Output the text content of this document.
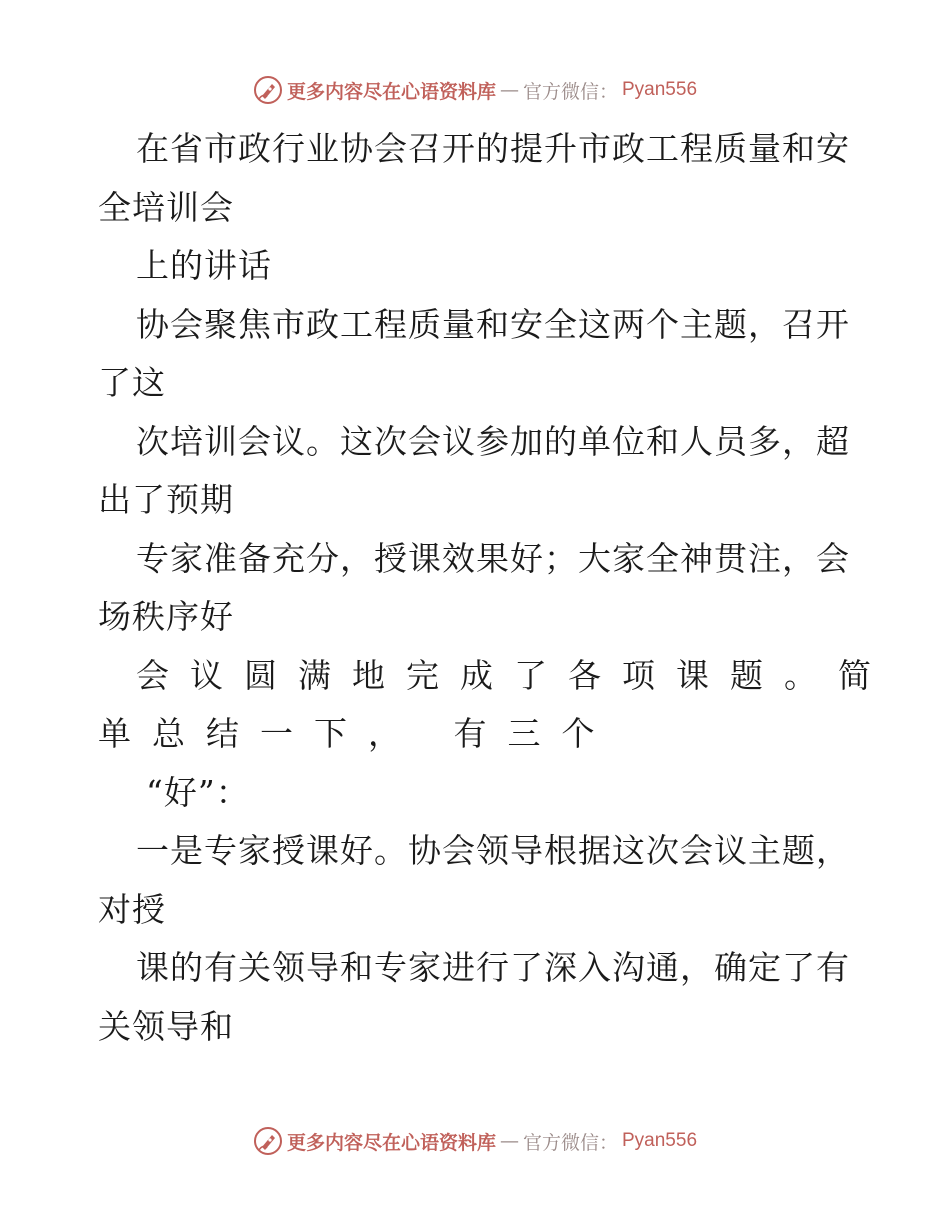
更多内容尽在心语资料库 — 官方微信： Pyan556
在省市政行业协会召开的提升市政工程质量和安
全培训会
上的讲话
协会聚焦市政工程质量和安全这两个主题，召开
了这
次培训会议。这次会议参加的单位和人员多，超
出了预期
专家准备充分，授课效果好；大家全神贯注，会
场秩序好
会议圆满地完成了各项课题。简
单总结一下， 有三个
“好”：
一是专家授课好。协会领导根据这次会议主题，
对授
课的有关领导和专家进行了深入沟通，确定了有
关领导和
更多内容尽在心语资料库 — 官方微信： Pyan556
